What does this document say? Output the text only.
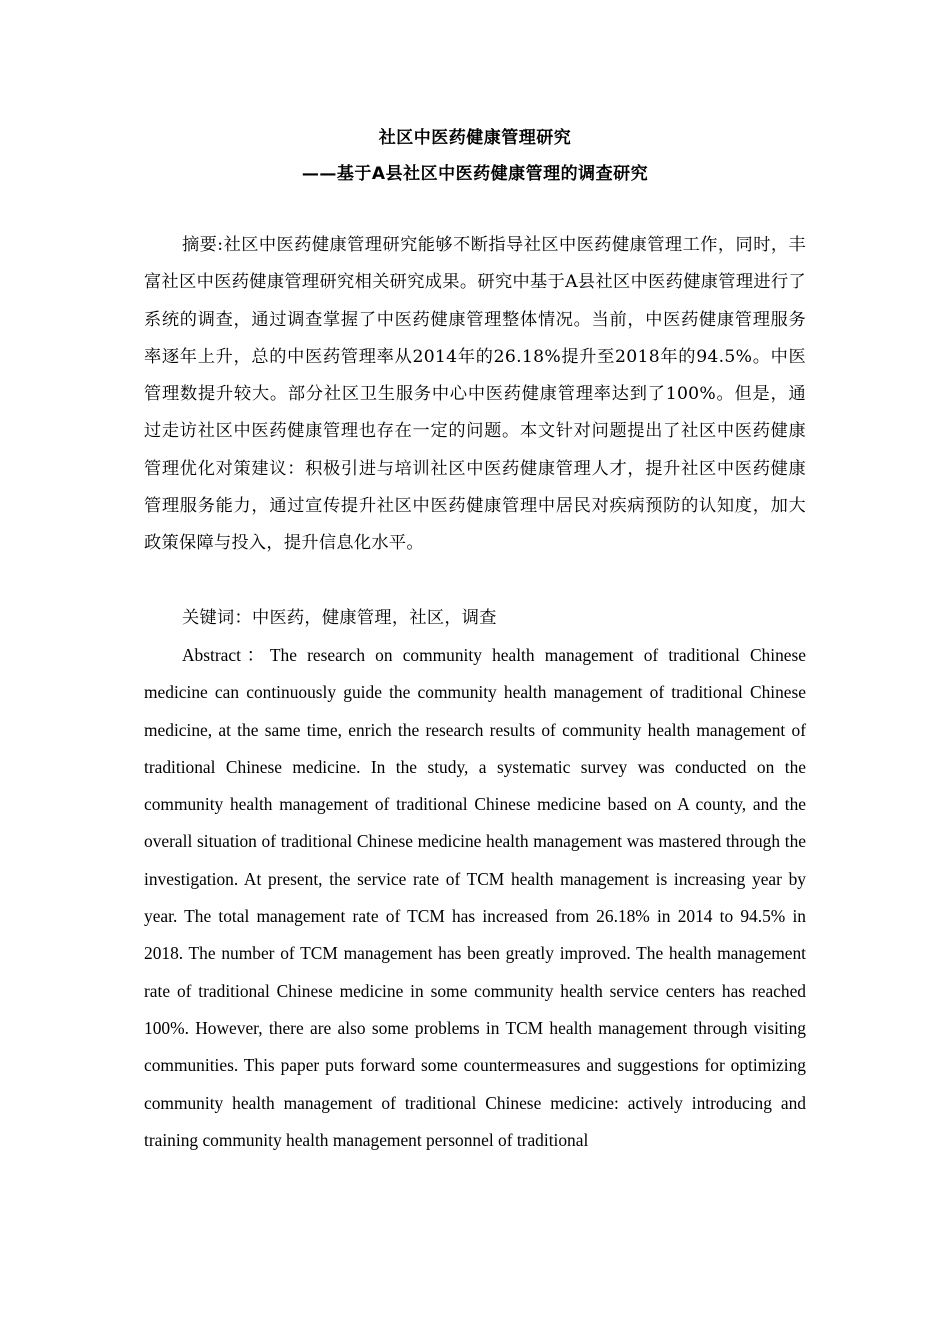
社区中医药健康管理研究
——基于A县社区中医药健康管理的调查研究

摘要:社区中医药健康管理研究能够不断指导社区中医药健康管理工作，同时，丰富社区中医药健康管理研究相关研究成果。研究中基于A县社区中医药健康管理进行了系统的调查，通过调查掌握了中医药健康管理整体情况。当前，中医药健康管理服务率逐年上升，总的中医药管理率从2014年的26.18%提升至2018年的94.5%。中医管理数提升较大。部分社区卫生服务中心中医药健康管理率达到了100%。但是，通过走访社区中医药健康管理也存在一定的问题。本文针对问题提出了社区中医药健康管理优化对策建议：积极引进与培训社区中医药健康管理人才，提升社区中医药健康管理服务能力，通过宣传提升社区中医药健康管理中居民对疾病预防的认知度，加大政策保障与投入，提升信息化水平。

关键词：中医药，健康管理，社区，调查

Abstract：The research on community health management of traditional Chinese medicine can continuously guide the community health management of traditional Chinese medicine, at the same time, enrich the research results of community health management of traditional Chinese medicine. In the study, a systematic survey was conducted on the community health management of traditional Chinese medicine based on A county, and the overall situation of traditional Chinese medicine health management was mastered through the investigation. At present, the service rate of TCM health management is increasing year by year. The total management rate of TCM has increased from 26.18% in 2014 to 94.5% in 2018. The number of TCM management has been greatly improved. The health management rate of traditional Chinese medicine in some community health service centers has reached 100%. However, there are also some problems in TCM health management through visiting communities. This paper puts forward some countermeasures and suggestions for optimizing community health management of traditional Chinese medicine: actively introducing and training community health management personnel of traditional
